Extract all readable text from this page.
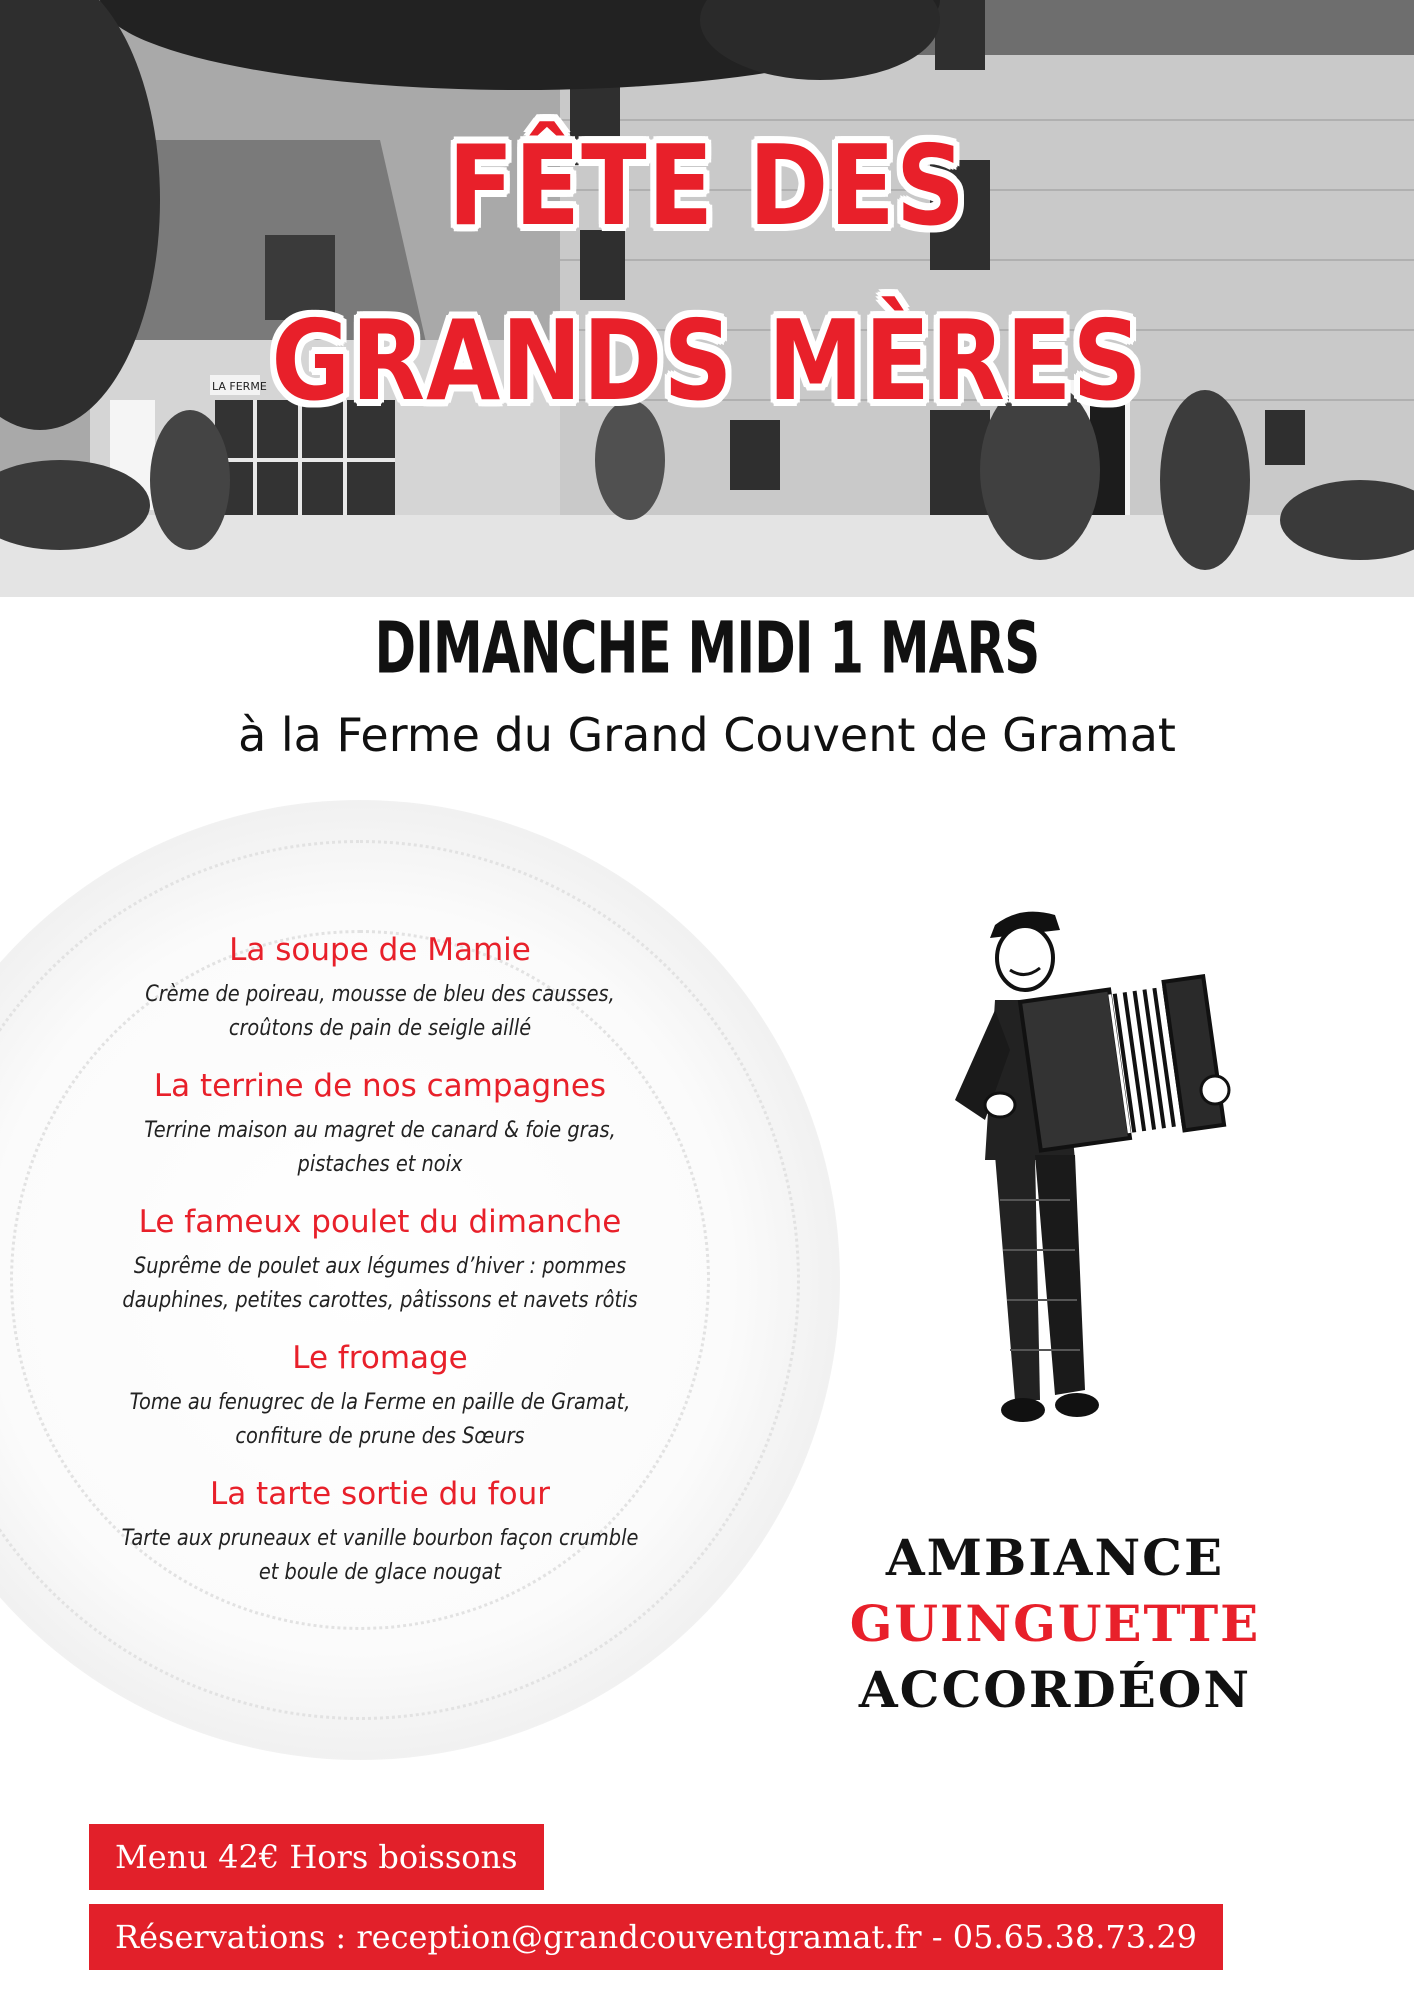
LA FERME
FÊTE DES
GRANDS MÈRES
DIMANCHE MIDI 1 MARS
à la Ferme du Grand Couvent de Gramat
La soupe de Mamie
Crème de poireau, mousse de bleu des causses,
croûtons de pain de seigle aillé
La terrine de nos campagnes
Terrine maison au magret de canard & foie gras,
pistaches et noix
Le fameux poulet du dimanche
Suprême de poulet aux légumes d’hiver : pommes
dauphines, petites carottes, pâtissons et navets rôtis
Le fromage
Tome au fenugrec de la Ferme en paille de Gramat,
confiture de prune des Sœurs
La tarte sortie du four
Tarte aux pruneaux et vanille bourbon façon crumble
et boule de glace nougat	AMBIANCE
GUINGUETTE
ACCORDÉON
Menu 42€ Hors boissons
Réservations : reception@grandcouventgramat.fr - 05.65.38.73.29
